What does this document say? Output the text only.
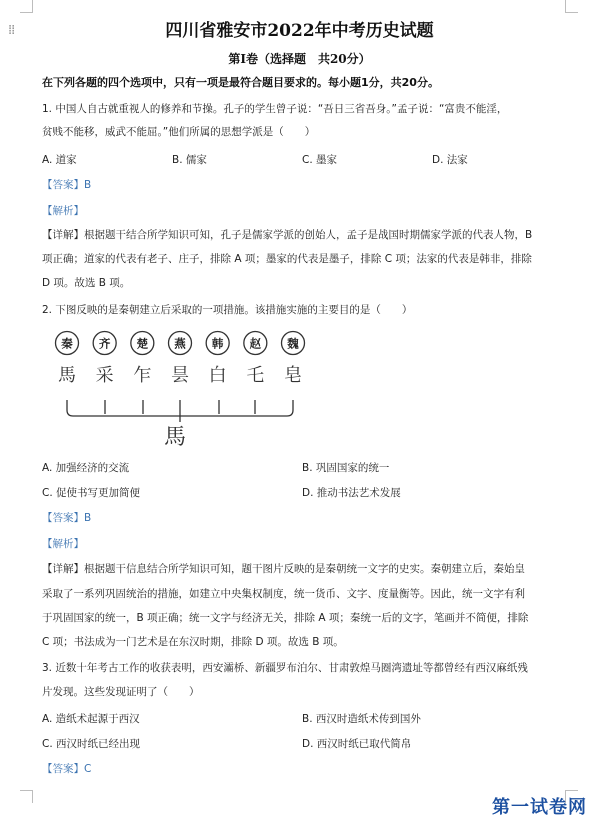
⁞⁞	四川省雅安市2022年中考历史试题
第Ⅰ卷（选择题　共20分）
在下列各题的四个选项中，只有一项是最符合题目要求的。每小题1分，共20分。
1. 中国人自古就重视人的修养和节操。孔子的学生曾子说：“吾日三省吾身。”孟子说：“富贵不能淫，
贫贱不能移，威武不能屈。”他们所属的思想学派是（　　）
A. 道家	B. 儒家	C. 墨家	D. 法家
【答案】B
【解析】
【详解】根据题干结合所学知识可知，孔子是儒家学派的创始人，孟子是战国时期儒家学派的代表人物，B
项正确；道家的代表有老子、庄子，排除 A 项；墨家的代表是墨子，排除 C 项；法家的代表是韩非，排除
D 项。故选 B 项。
2. 下图反映的是秦朝建立后采取的一项措施。该措施实施的主要目的是（　　）
秦 齐 楚 燕 韩 赵 魏
馬 采 乍 昙 白 乇 皂
馬
A. 加强经济的交流	B. 巩固国家的统一
C. 促使书写更加简便	D. 推动书法艺术发展
【答案】B
【解析】
【详解】根据题干信息结合所学知识可知，题干图片反映的是秦朝统一文字的史实。秦朝建立后，秦始皇
采取了一系列巩固统治的措施，如建立中央集权制度，统一货币、文字、度量衡等。因此，统一文字有利
于巩固国家的统一，B 项正确；统一文字与经济无关，排除 A 项；秦统一后的文字，笔画并不简便，排除
C 项；书法成为一门艺术是在东汉时期，排除 D 项。故选 B 项。
3. 近数十年考古工作的收获表明，西安灞桥、新疆罗布泊尔、甘肃敦煌马圈湾遗址等都曾经有西汉麻纸残
片发现。这些发现证明了（　　）
A. 造纸术起源于西汉	B. 西汉时造纸术传到国外
C. 西汉时纸已经出现	D. 西汉时纸已取代简帛
【答案】C
第一试卷网
